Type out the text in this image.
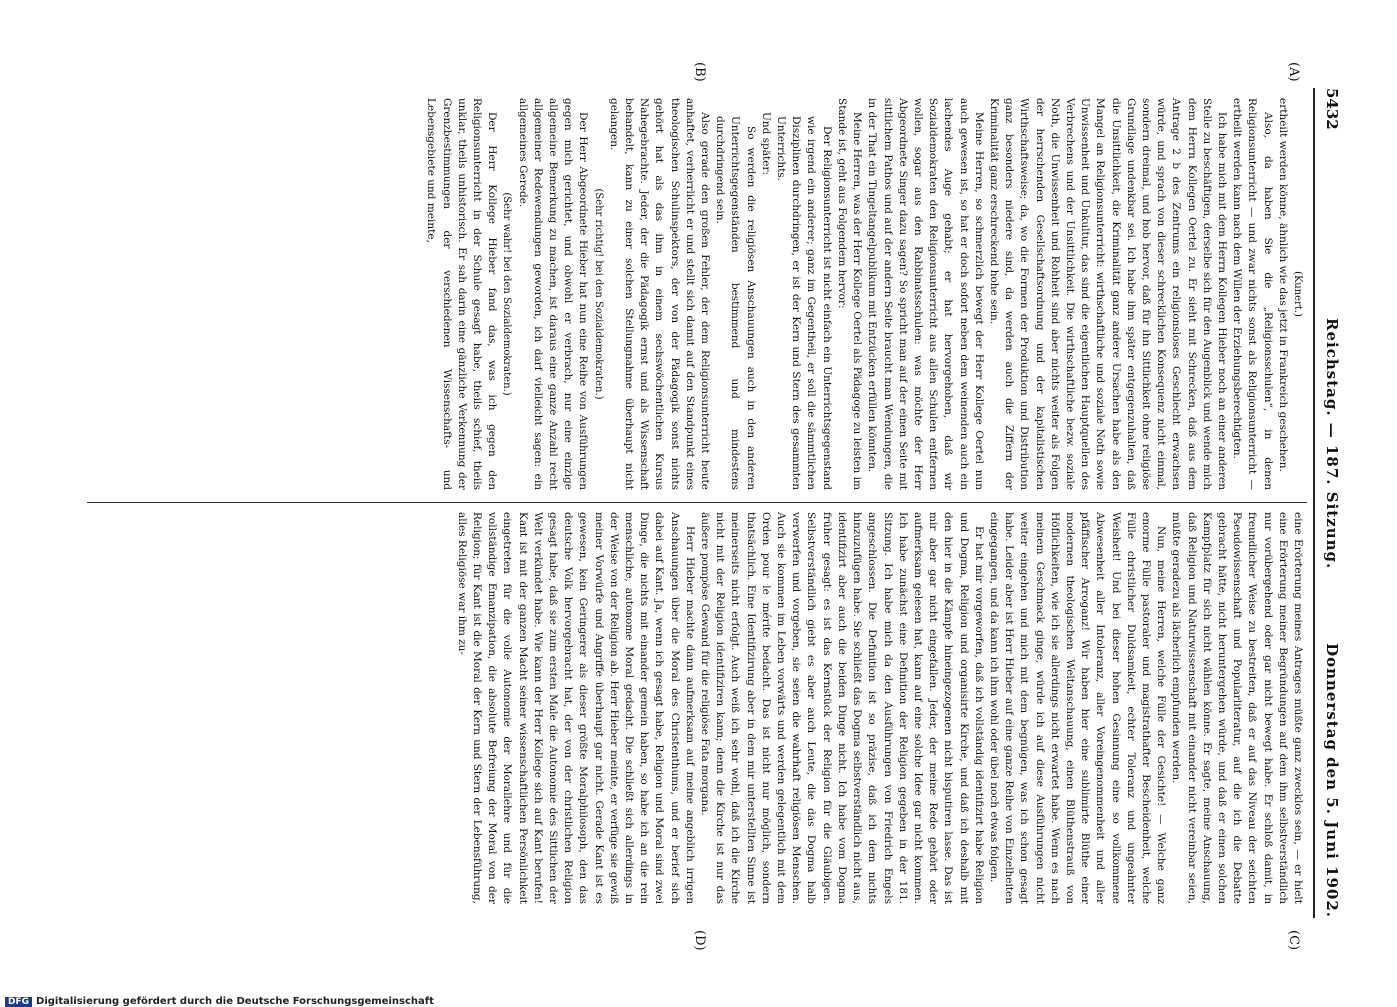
5432
Reichstag. — 187. Sitzung.
Donnerstag den 5. Juni 1902.
(A)
(B)
(C)
(D)

(Kunert.)

ertheilt werden könne, ähnlich wie das jetzt in Frankreich geschehen.

Also, da haben Sie die „Religionsschulen“, in denen Religionsunterricht — und zwar nichts sonst als Religionsunterricht — ertheilt werden kann nach dem Willen der Erziehungsberechtigten.

Ich habe mich mit dem Herrn Kollegen Hieber noch an einer anderen Stelle zu beschäftigen, derselbe sich für den Augenblick und wende mich dem Herrn Kollegen Oertel zu. Er sieht mit Schrecken, daß aus dem Antrage 2 b des Zentrums ein religionsloses Geschlecht erwachsen würde, und sprach von dieser schrecklichen Konsequenz nicht einmal, sondern dreimal, und hob hervor, daß für ihn Sittlichkeit ohne religiöse Grundlage undenkbar sei. Ich habe ihm später entgegenzuhalten, daß die Unsittlichkeit, die Kriminalität ganz andere Ursachen habe als den Mangel an Religionsunterricht: wirthschaftliche und soziale Noth sowie Unwissenheit und Unkultur, das sind die eigentlichen Hauptquellen des Verbrechens und der Unsittlichkeit. Die wirthschaftliche bezw. soziale Noth, die Unwissenheit und Rohheit sind aber nichts weiter als Folgen der herrschenden Gesellschaftsordnung und der kapitalistischen Wirthschaftsweise; da, wo die Formen der Produktion und Distribution ganz besonders niedere sind, da werden auch die Ziffern der Kriminalität ganz erschreckend hohe sein.

Meine Herren, so schmerzlich bewegt der Herr Kollege Oertel nun auch gewesen ist, so hat er doch sofort neben dem weinenden auch ein lachendes Auge gehabt; er hat hervorgehoben, daß wir Sozialdemokraten den Religionsunterricht aus allen Schulen entfernen wollen, sogar aus den Rabbinatsschulen: was möchte der Herr Abgeordnete Singer dazu sagen? So spricht man auf der einen Seite mit sittlichem Pathos und auf der andern Seite braucht man Wendungen, die in der That ein Tingeltangelpublikum mit Entzücken erfüllen könnten.

Meine Herren, was der Herr Kollege Oertel als Pädagoge zu leisten im Stande ist, geht aus Folgendem hervor:

Der Religionsunterricht ist nicht einfach ein Unterrichtsgegenstand wie irgend ein anderer; ganz im Gegentheil, er soll die sämmtlichen Disziplinen durchdringen, er ist der Kern und Stern des gesammten Unterrichts.

Und später:

So werden die religiösen Anschauungen auch in den anderen Unterrichtsgegenständen bestimmend und mindestens durchdringend sein.

Also gerade den großen Fehler, der dem Religionsunterricht heute anhaftet, verherrlicht er und stellt sich damit auf den Standpunkt eines theologischen Schulinspektors, der von der Pädagogik sonst nichts gehört hat als das ihm in einem sechswöchentlichen Kursus Nahegebrachte. Jeder, der die Pädagogik ernst und als Wissenschaft behandelt, kann zu einer solchen Stellungnahme überhaupt nicht gelangen.

(Sehr richtig! bei den Sozialdemokraten.)

Der Herr Abgeordnete Hieber hat nun eine Reihe von Ausführungen gegen mich gerichtet, und obwohl er verbrach, nur eine einzige allgemeine Bemerkung zu machen, ist daraus eine ganze Anzahl recht allgemeiner Redewendungen geworden, ich darf vielleicht sagen: ein allgemeines Gerede.

(Sehr wahr! bei den Sozialdemokraten.)

Der Herr Kollege Hieber fand das, was ich gegen den Religionsunterricht in der Schule gesagt habe, theils schief, theils unklar, theils unhistorisch. Er sah darin eine gänzliche Verkennung der Grenzbestimmungen der verschiedenen Wissenschafts- und Lebensgebiete und meinte,

eine Erörterung meines Antrages müßte ganz zwecklos sein, — er hielt eine Erörterung meiner Begründungen auf dem ihm selbstverständlich nur vorübergehend oder gar nicht bewegt habe. Er schloß damit, in freundlicher Weise zu bestreiten, daß er auf das Niveau der seichten Pseudowissenschaft und Popularliteratur, auf die ich die Debatte gebracht hätte, nicht heruntergehen würde, und daß er einen solchen Kampfplatz für sich nicht wählen könne. Er sagte, meine Anschauung, daß Religion und Naturwissenschaft mit einander nicht vereinbar seien, müßte geradezu als lächerlich empfunden werden.

Nun, meine Herren, welche Fülle der Gesichte! — Welche ganz enorme Fülle pastoraler und magistrathafter Bescheidenheit, welche Fülle christlicher Duldsamkeit, echter Toleranz und ungeahnter Weisheit! Und bei dieser hohen Gesinnung eine so vollkommene Abwesenheit aller Intoleranz, aller Voreingenommenheit und aller pfäffischer Arroganz! Wir haben hier eine sublimirte Blüthe einer modernen theologischen Weltanschauung, einen Blüthenstrauß von Höflichkeiten, wie ich sie allerdings nicht erwartet habe. Wenn es nach meinem Geschmack ginge, würde ich auf diese Ausführungen nicht weiter eingehen und mich mit dem begnügen, was ich schon gesagt habe. Leider aber ist Herr Hieber auf eine ganze Reihe von Einzelheiten eingegangen, und da kann ich ihm wohl oder übel noch etwas folgen.

Er hat mir vorgeworfen, daß ich vollständig identifizirt habe Religion und Dogma, Religion und organisirte Kirche, und daß ich deshalb mit den hier in die Kämpfe hineingezogenen nicht bisputiren lasse. Das ist mir aber gar nicht eingefallen. Jeder, der meine Rede gehört oder aufmerksam gelesen hat, kann auf eine solche Idee gar nicht kommen. Ich habe zunächst eine Definition der Religion gegeben in der 181. Sitzung. Ich habe mich da den Ausführungen von Friedrich Engels angeschlossen. Die Definition ist so präzise, daß ich dem nichts hinzuzufügen habe. Sie schließt das Dogma selbstverständlich nicht aus, identifizirt aber auch die beiden Dinge nicht. Ich habe vom Dogma früher gesagt: es ist das Kernstück der Religion für die Gläubigen. Selbstverständlich giebt es aber auch Leute, die das Dogma halb verwerfen und vorgeben, sie seien die wahrhaft religiösen Menschen. Auch sie kommen im Leben vorwärts und werden gelegentlich mit dem Orden pour le mérite bedacht. Das ist nicht nur möglich, sondern thatsächlich. Eine Identifizirung aber in dem mir unterstellten Sinne ist meinerseits nicht erfolgt. Auch weiß ich sehr wohl, daß ich die Kirche nicht mit der Religion identifiziren kann; denn die Kirche ist nur das äußere pompöse Gewand für die religiöse Fata morgana.

Herr Hieber machte dann aufmerksam auf meine angeblich irrigen Anschauungen über die Moral des Christenthums, und er berief sich dabei auf Kant. Ja, wenn ich gesagt habe, Religion und Moral sind zwei Dinge, die nichts mit einander gemein haben, so habe ich an die rein menschliche, autonome Moral gedacht. Die schließt sich allerdings in der Weise von der Religion ab. Herr Hieber meinte, er verfüge sie gewiß meiner Vorwürfe und Angriffe überhaupt gar nicht. Gerade Kant ist es gewesen, kein Geringerer als dieser größte Moralphilosoph, den das deutsche Volk hervorgebracht hat, der von der christlichen Religion gesagt habe, daß sie zum ersten Male die Autonomie des Sittlichen der Welt verkündet habe. Wie kann der Herr Kollege sich auf Kant berufen! Kant ist mit der ganzen Macht seiner wissenschaftlichen Persönlichkeit eingetreten für die volle Autonomie der Morallehre und für die vollständige Emanzipation, die absolute Befreiung der Moral von der Religion; für Kant ist die Moral der Kern und Stern der Lebensführung, alles Religiöse war ihm zu-

DFG Digitalisierung gefördert durch die Deutsche Forschungsgemeinschaft
